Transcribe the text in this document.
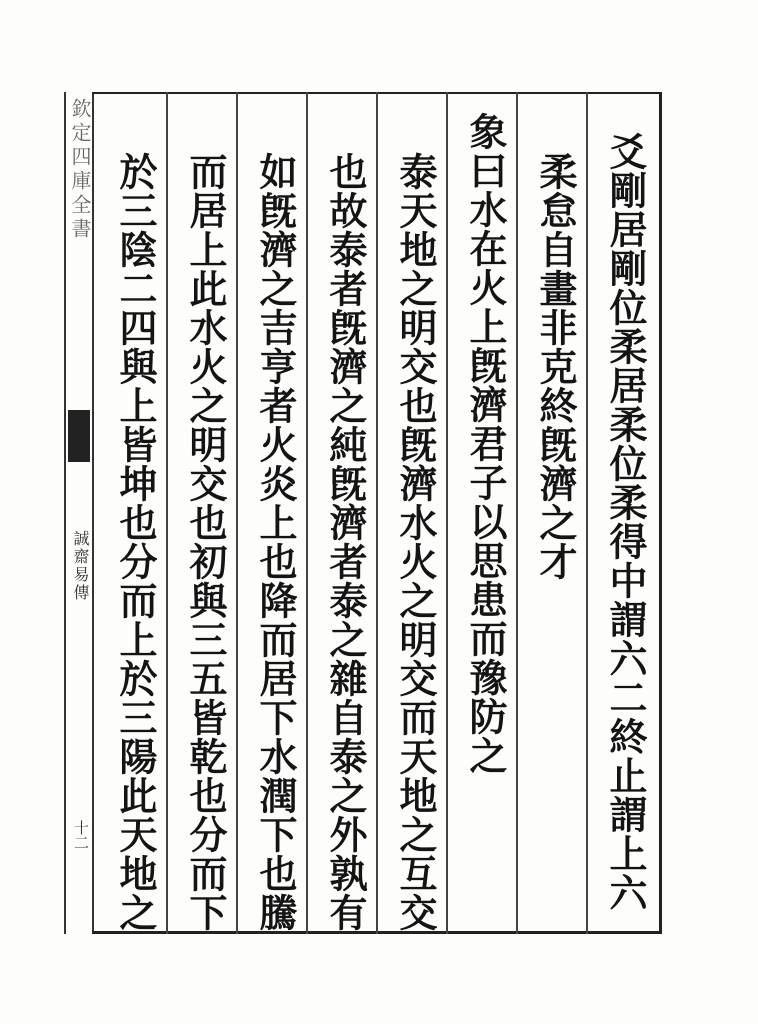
欽定四庫全書
誠齋易傳
十二	爻剛居剛位柔居柔位柔得中謂六二終止謂上六
柔怠自畫非克終旣濟之才
象曰水在火上旣濟君子以思患而豫防之
泰天地之明交也旣濟水火之明交而天地之互交
也故泰者旣濟之純旣濟者泰之雜自泰之外孰有
如旣濟之吉亨者火炎上也降而居下水潤下也騰
而居上此水火之明交也初與三五皆乾也分而下
於三陰二四與上皆坤也分而上於三陽此天地之
